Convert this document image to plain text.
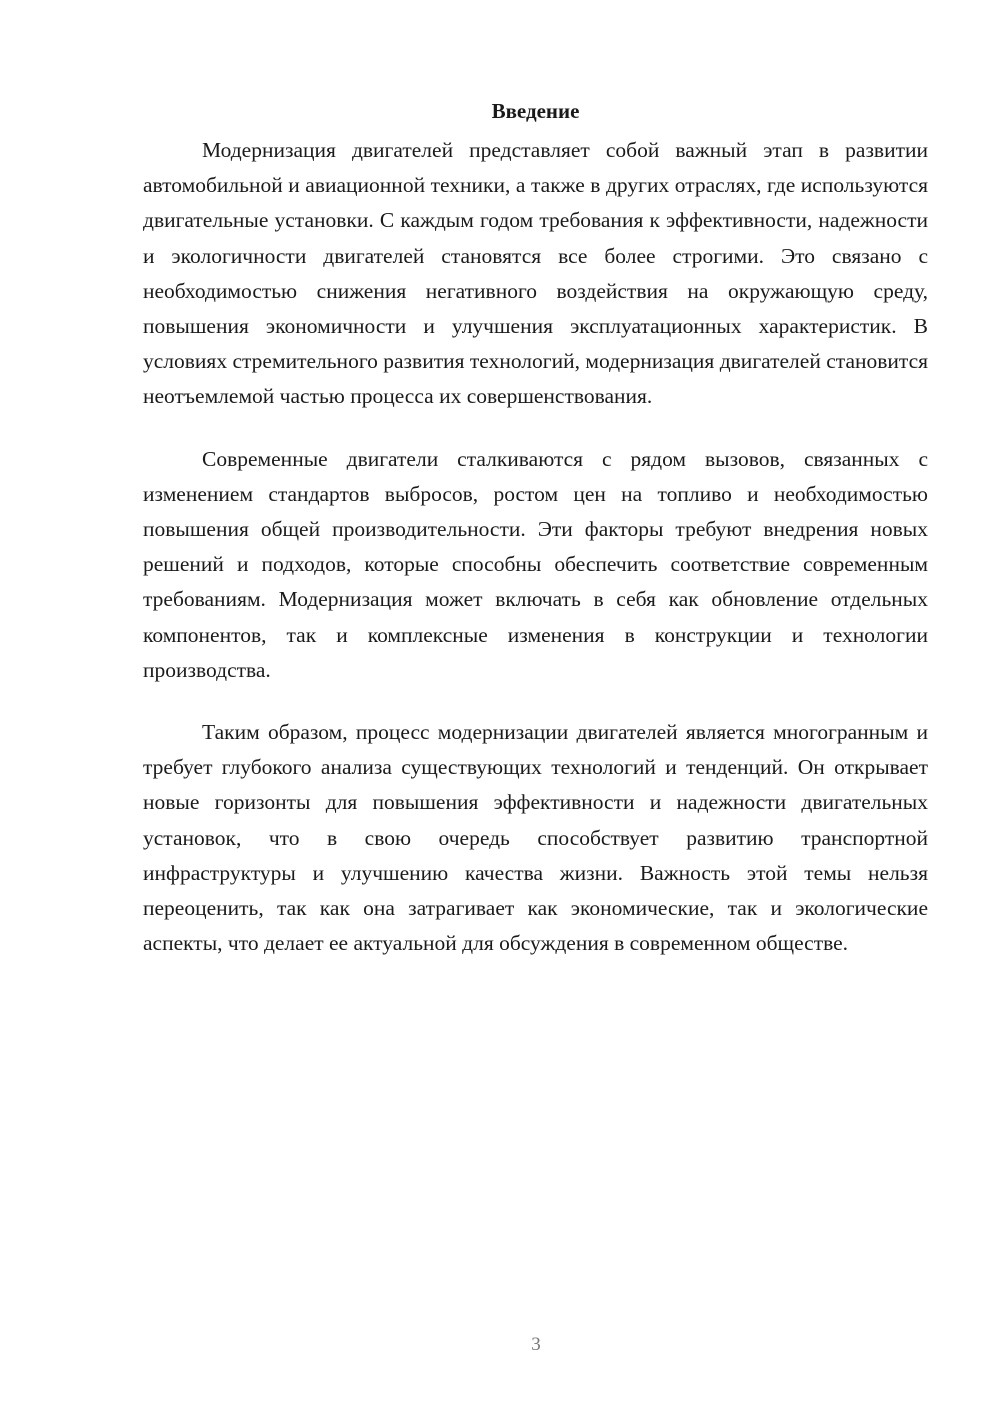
Введение

Модернизация двигателей представляет собой важный этап в развитии автомобильной и авиационной техники, а также в других отраслях, где используются двигательные установки. С каждым годом требования к эффективности, надежности и экологичности двигателей становятся все более строгими. Это связано с необходимостью снижения негативного воздействия на окружающую среду, повышения экономичности и улучшения эксплуатационных характеристик. В условиях стремительного развития технологий, модернизация двигателей становится неотъемлемой частью процесса их совершенствования.

Современные двигатели сталкиваются с рядом вызовов, связанных с изменением стандартов выбросов, ростом цен на топливо и необходимостью повышения общей производительности. Эти факторы требуют внедрения новых решений и подходов, которые способны обеспечить соответствие современным требованиям. Модернизация может включать в себя как обновление отдельных компонентов, так и комплексные изменения в конструкции и технологии производства.

Таким образом, процесс модернизации двигателей является многогранным и требует глубокого анализа существующих технологий и тенденций. Он открывает новые горизонты для повышения эффективности и надежности двигательных установок, что в свою очередь способствует развитию транспортной инфраструктуры и улучшению качества жизни. Важность этой темы нельзя переоценить, так как она затрагивает как экономические, так и экологические аспекты, что делает ее актуальной для обсуждения в современном обществе.

3
